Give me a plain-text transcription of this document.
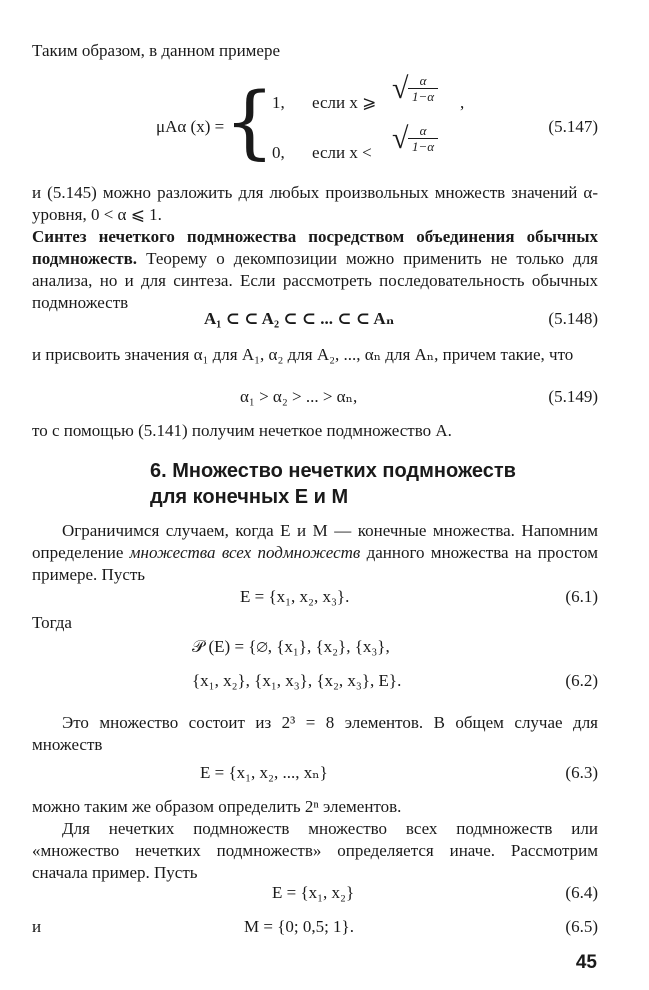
Таким образом, в данном примере
μAα (x) = {
1, если x ⩾ √ α
1−α ,
0, если x < √ α
1−α
(5.147)
и (5.145) можно разложить для любых произвольных множеств значений α-уровня, 0 < α ⩽ 1.
Синтез нечеткого подмножества посредством объединения обычных подмножеств. Теорему о декомпозиции можно применить не только для анализа, но и для синтеза. Если рассмотреть последовательность обычных подмножеств
A₁ ⊂ ⊂ A₂ ⊂ ⊂ ... ⊂ ⊂ Aₙ	(5.148)
и присвоить значения α₁ для A₁, α₂ для A₂, ..., αₙ для Aₙ, причем такие, что
α₁ > α₂ > ... > αₙ,	(5.149)
то с помощью (5.141) получим нечеткое подмножество A.
6. Множество нечетких подмножеств
для конечных E и M
Ограничимся случаем, когда E и M — конечные множества. Напомним определение множества всех подмножеств данного множества на простом примере. Пусть
E = {x₁, x₂, x₃}.	(6.1)
Тогда
𝒫 (E) = {∅, {x₁}, {x₂}, {x₃},
{x₁, x₂}, {x₁, x₃}, {x₂, x₃}, E}.	(6.2)
Это множество состоит из 2³ = 8 элементов. В общем случае для множеств
E = {x₁, x₂, ..., xₙ}	(6.3)
можно таким же образом определить 2ⁿ элементов.
Для нечетких подмножеств множество всех подмножеств или «множество нечетких подмножеств» определяется иначе. Рассмотрим сначала пример. Пусть
E = {x₁, x₂}	(6.4)
и	M = {0; 0,5; 1}.	(6.5)
45
